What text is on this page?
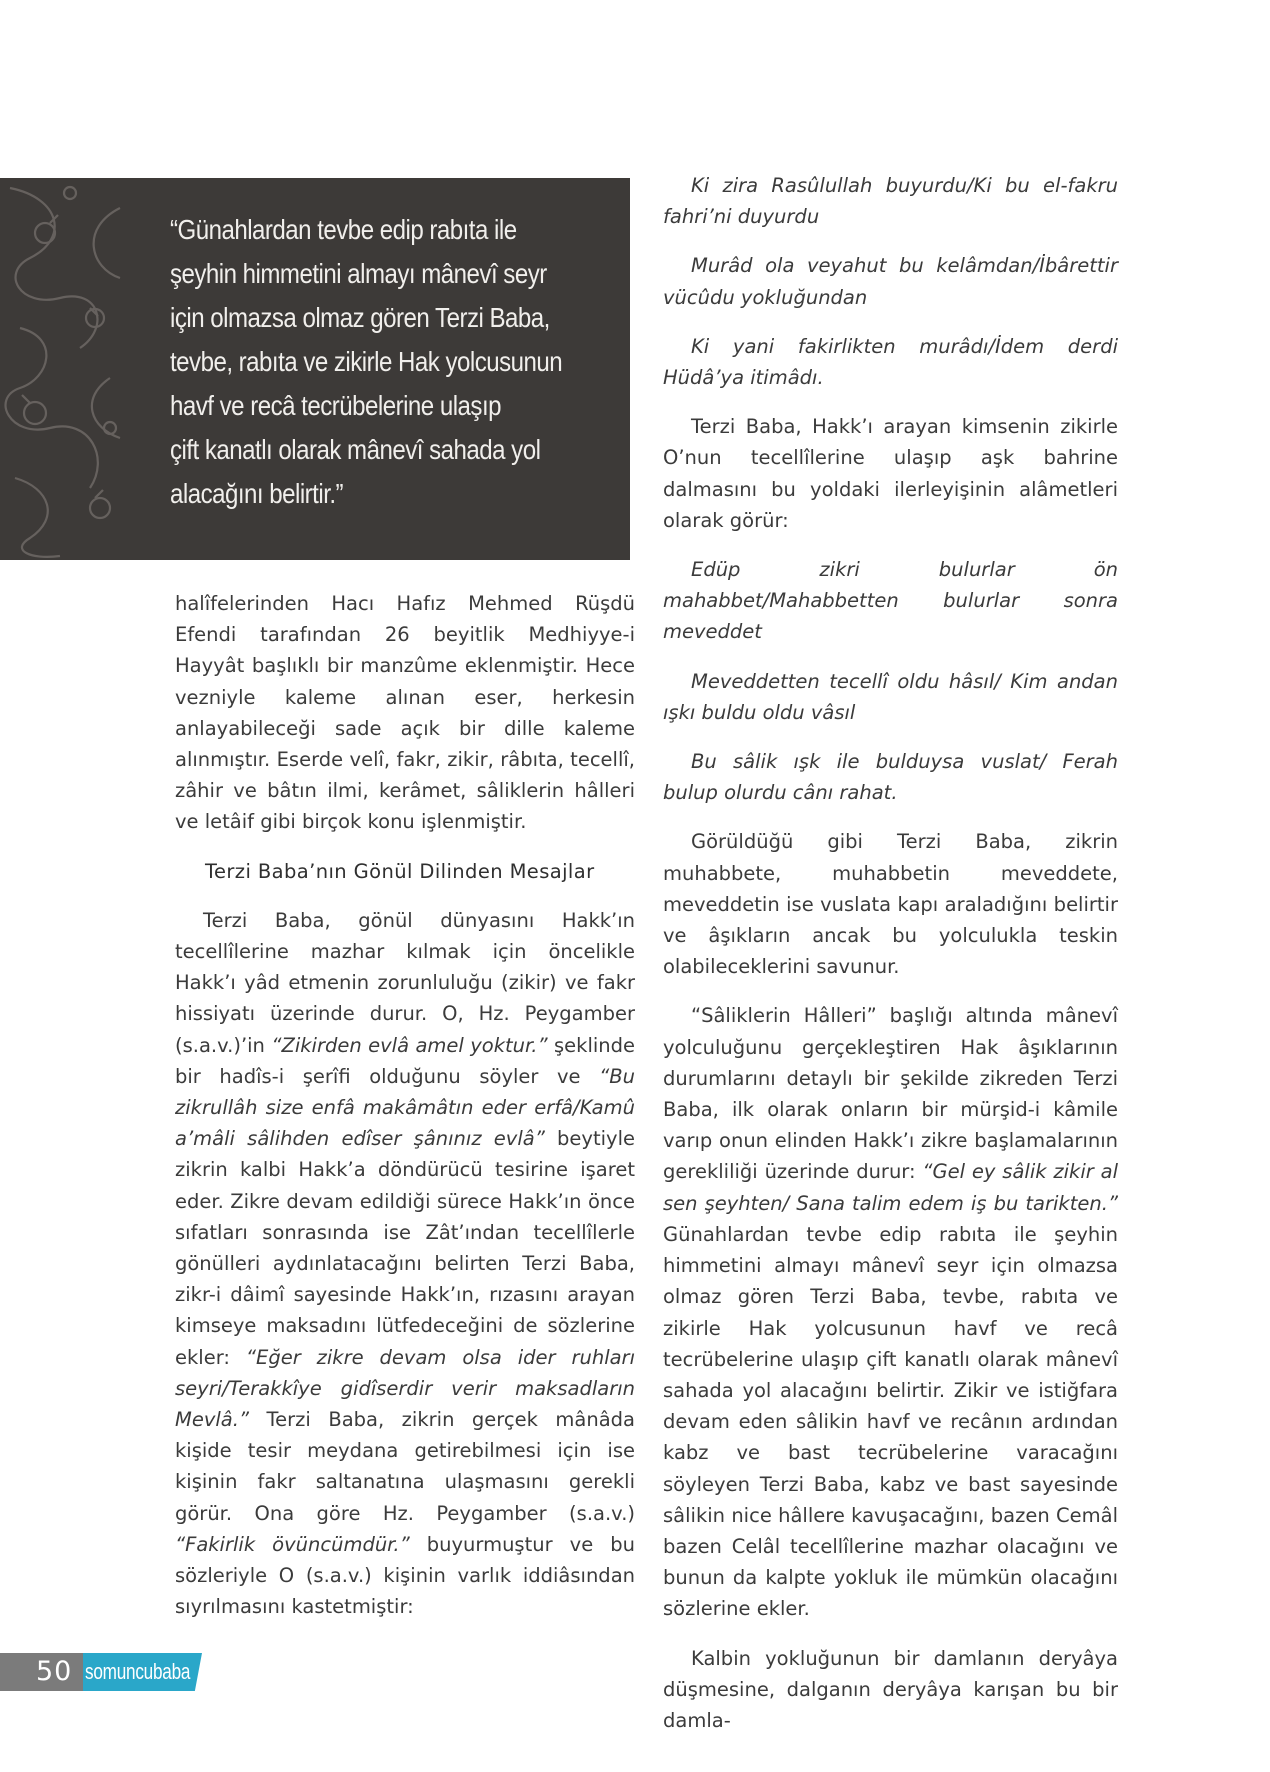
“Günahlardan tevbe edip rabıta ile
şeyhin himmetini almayı mânevî seyr
için olmazsa olmaz gören Terzi Baba,
tevbe, rabıta ve zikirle Hak yolcusunun
havf ve recâ tecrübelerine ulaşıp
çift kanatlı olarak mânevî sahada yol
alacağını belirtir.”

halîfelerinden Hacı Hafız Mehmed Rüşdü Efendi tarafından 26 beyitlik Medhiyye-i Hayyât başlıklı bir manzûme eklenmiştir. Hece vezniyle kaleme alınan eser, herkesin anlayabileceği sade açık bir dille kaleme alınmıştır. Eserde velî, fakr, zikir, râbıta, tecellî, zâhir ve bâtın ilmi, kerâmet, sâliklerin hâlleri ve letâif gibi birçok konu işlenmiştir.

Terzi Baba’nın Gönül Dilinden Mesajlar

Terzi Baba, gönül dünyasını Hakk’ın tecellîlerine mazhar kılmak için öncelikle Hakk’ı yâd etmenin zorunluluğu (zikir) ve fakr hissiyatı üzerinde durur. O, Hz. Peygamber (s.a.v.)’in “Zikirden evlâ amel yoktur.” şeklinde bir hadîs-i şerîfi olduğunu söyler ve “Bu zikrullâh size enfâ makâmâtın eder erfâ/Kamû a’mâli sâlihden edîser şânınız evlâ” beytiyle zikrin kalbi Hakk’a döndürücü tesirine işaret eder. Zikre devam edildiği sürece Hakk’ın önce sıfatları sonrasında ise Zât’ından tecellîlerle gönülleri aydınlatacağını belirten Terzi Baba, zikr-i dâimî sayesinde Hakk’ın, rızasını arayan kimseye maksadını lütfedeceğini de sözlerine ekler: “Eğer zikre devam olsa ider ruhları seyri/Terakkîye gidîserdir verir maksadların Mevlâ.” Terzi Baba, zikrin gerçek mânâda kişide tesir meydana getirebilmesi için ise kişinin fakr saltanatına ulaşmasını gerekli görür. Ona göre Hz. Peygamber (s.a.v.) “Fakirlik övüncümdür.” buyurmuştur ve bu sözleriyle O (s.a.v.) kişinin varlık iddiâsından sıyrılmasını kastetmiştir:

Ki zira Rasûlullah buyurdu/Ki bu el-fakru fahri’ni duyurdu

Murâd ola veyahut bu kelâmdan/İbârettir vücûdu yokluğundan

Ki yani fakirlikten murâdı/İdem derdi Hüdâ’ya itimâdı.

Terzi Baba, Hakk’ı arayan kimsenin zikirle O’nun tecellîlerine ulaşıp aşk bahrine dalmasını bu yoldaki ilerleyişinin alâmetleri olarak görür:

Edüp zikri bulurlar ön mahabbet/Mahabbetten bulurlar sonra meveddet

Meveddetten tecellî oldu hâsıl/ Kim andan ışkı buldu oldu vâsıl

Bu sâlik ışk ile bulduysa vuslat/ Ferah bulup olurdu cânı rahat.

Görüldüğü gibi Terzi Baba, zikrin muhabbete, muhabbetin meveddete, meveddetin ise vuslata kapı araladığını belirtir ve âşıkların ancak bu yolculukla teskin olabileceklerini savunur.

“Sâliklerin Hâlleri” başlığı altında mânevî yolculuğunu gerçekleştiren Hak âşıklarının durumlarını detaylı bir şekilde zikreden Terzi Baba, ilk olarak onların bir mürşid-i kâmile varıp onun elinden Hakk’ı zikre başlamalarının gerekliliği üzerinde durur: “Gel ey sâlik zikir al sen şeyhten/ Sana talim edem iş bu tarikten.” Günahlardan tevbe edip rabıta ile şeyhin himmetini almayı mânevî seyr için olmazsa olmaz gören Terzi Baba, tevbe, rabıta ve zikirle Hak yolcusunun havf ve recâ tecrübelerine ulaşıp çift kanatlı olarak mânevî sahada yol alacağını belirtir. Zikir ve istiğfara devam eden sâlikin havf ve recânın ardından kabz ve bast tecrübelerine varacağını söyleyen Terzi Baba, kabz ve bast sayesinde sâlikin nice hâllere kavuşacağını, bazen Cemâl bazen Celâl tecellîlerine mazhar olacağını ve bunun da kalpte yokluk ile mümkün olacağını sözlerine ekler.

Kalbin yokluğunun bir damlanın deryâya düşmesine, dalganın deryâya karışan bu bir damla-

50 somuncubaba
